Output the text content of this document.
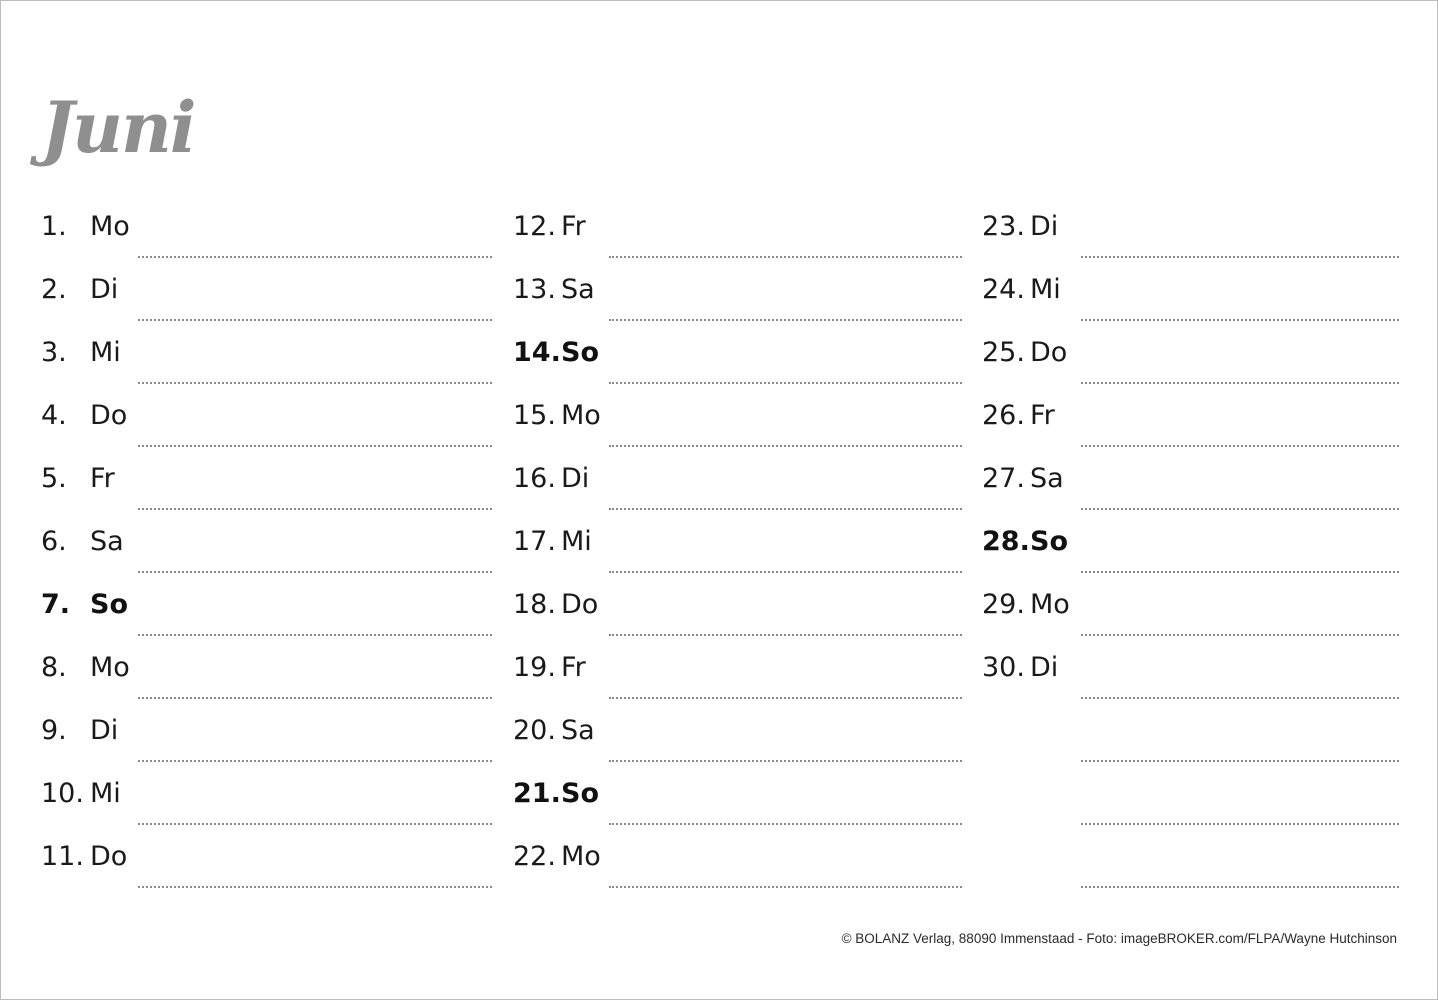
Juni
1. Mo
2. Di
3. Mi
4. Do
5. Fr
6. Sa
7. So
8. Mo
9. Di
10. Mi
11. Do
12. Fr
13. Sa
14.So
15. Mo
16. Di
17. Mi
18. Do
19. Fr
20. Sa
21.So
22. Mo
23. Di
24. Mi
25. Do
26. Fr
27. Sa
28.So
29. Mo
30. Di
© BOLANZ Verlag, 88090 Immenstaad - Foto: imageBROKER.com/FLPA/Wayne Hutchinson
